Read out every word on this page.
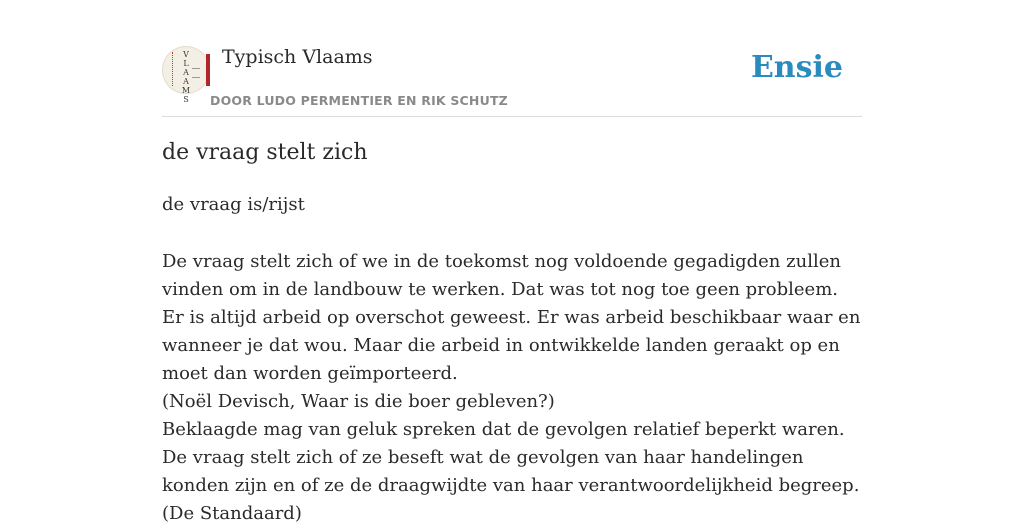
V
L
A
A
M
S
Typisch Vlaams
DOOR LUDO PERMENTIER EN RIK SCHUTZ
Ensie
de vraag stelt zich
de vraag is/rijst

De vraag stelt zich of we in de toekomst nog voldoende gegadigden zullen vinden om in de landbouw te werken. Dat was tot nog toe geen probleem. Er is altijd arbeid op overschot geweest. Er was arbeid beschikbaar waar en wanneer je dat wou. Maar die arbeid in ontwikkelde landen geraakt op en moet dan worden geïmporteerd.

(Noël Devisch, Waar is die boer gebleven?)

Beklaagde mag van geluk spreken dat de gevolgen relatief beperkt waren. De vraag stelt zich of ze beseft wat de gevolgen van haar handelingen konden zijn en of ze de draagwijdte van haar verantwoordelijkheid begreep.

(De Standaard)
